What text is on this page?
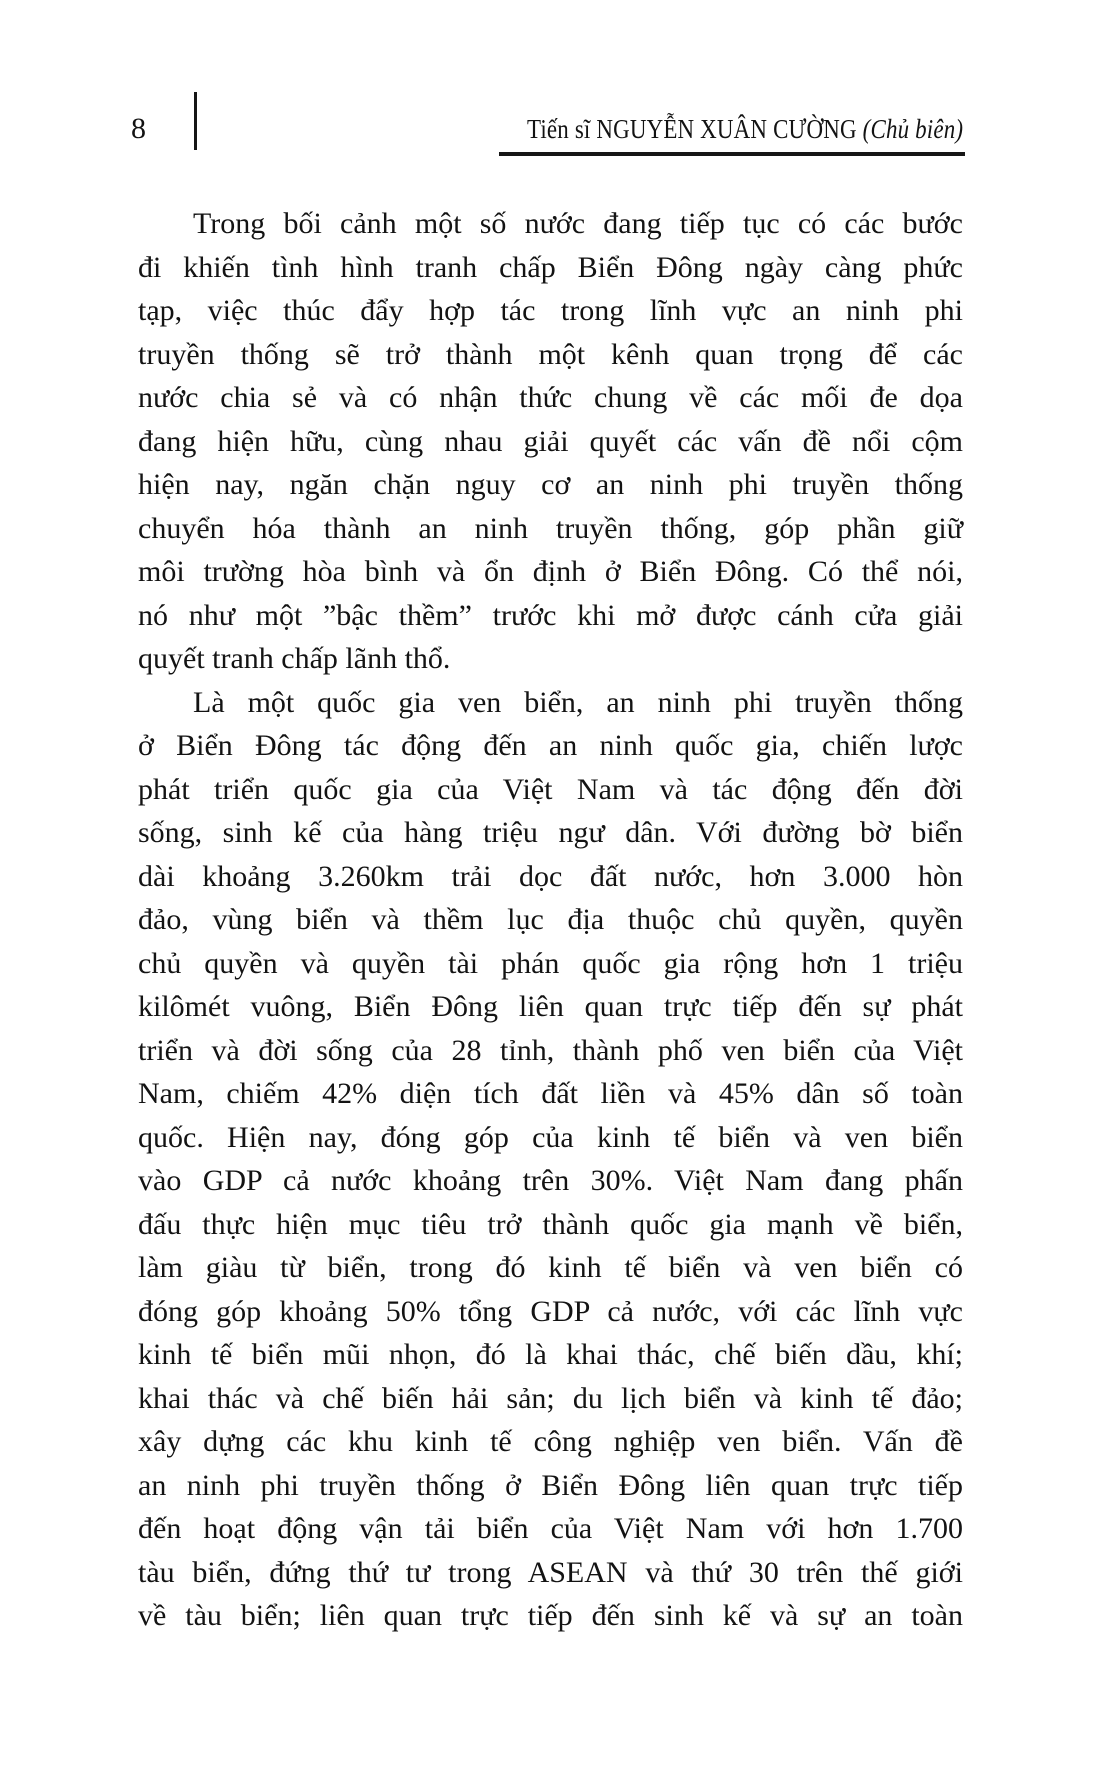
8	Tiến sĩ NGUYỄN XUÂN CƯỜNG (Chủ biên)
Trong bối cảnh một số nước đang tiếp tục có các bước
đi khiến tình hình tranh chấp Biển Đông ngày càng phức
tạp, việc thúc đẩy hợp tác trong lĩnh vực an ninh phi
truyền thống sẽ trở thành một kênh quan trọng để các
nước chia sẻ và có nhận thức chung về các mối đe dọa
đang hiện hữu, cùng nhau giải quyết các vấn đề nổi cộm
hiện nay, ngăn chặn nguy cơ an ninh phi truyền thống
chuyển hóa thành an ninh truyền thống, góp phần giữ
môi trường hòa bình và ổn định ở Biển Đông. Có thể nói,
nó như một ”bậc thềm” trước khi mở được cánh cửa giải
quyết tranh chấp lãnh thổ.
Là một quốc gia ven biển, an ninh phi truyền thống
ở Biển Đông tác động đến an ninh quốc gia, chiến lược
phát triển quốc gia của Việt Nam và tác động đến đời
sống, sinh kế của hàng triệu ngư dân. Với đường bờ biển
dài khoảng 3.260km trải dọc đất nước, hơn 3.000 hòn
đảo, vùng biển và thềm lục địa thuộc chủ quyền, quyền
chủ quyền và quyền tài phán quốc gia rộng hơn 1 triệu
kilômét vuông, Biển Đông liên quan trực tiếp đến sự phát
triển và đời sống của 28 tỉnh, thành phố ven biển của Việt
Nam, chiếm 42% diện tích đất liền và 45% dân số toàn
quốc. Hiện nay, đóng góp của kinh tế biển và ven biển
vào GDP cả nước khoảng trên 30%. Việt Nam đang phấn
đấu thực hiện mục tiêu trở thành quốc gia mạnh về biển,
làm giàu từ biển, trong đó kinh tế biển và ven biển có
đóng góp khoảng 50% tổng GDP cả nước, với các lĩnh vực
kinh tế biển mũi nhọn, đó là khai thác, chế biến dầu, khí;
khai thác và chế biến hải sản; du lịch biển và kinh tế đảo;
xây dựng các khu kinh tế công nghiệp ven biển. Vấn đề
an ninh phi truyền thống ở Biển Đông liên quan trực tiếp
đến hoạt động vận tải biển của Việt Nam với hơn 1.700
tàu biển, đứng thứ tư trong ASEAN và thứ 30 trên thế giới
về tàu biển; liên quan trực tiếp đến sinh kế và sự an toàn
